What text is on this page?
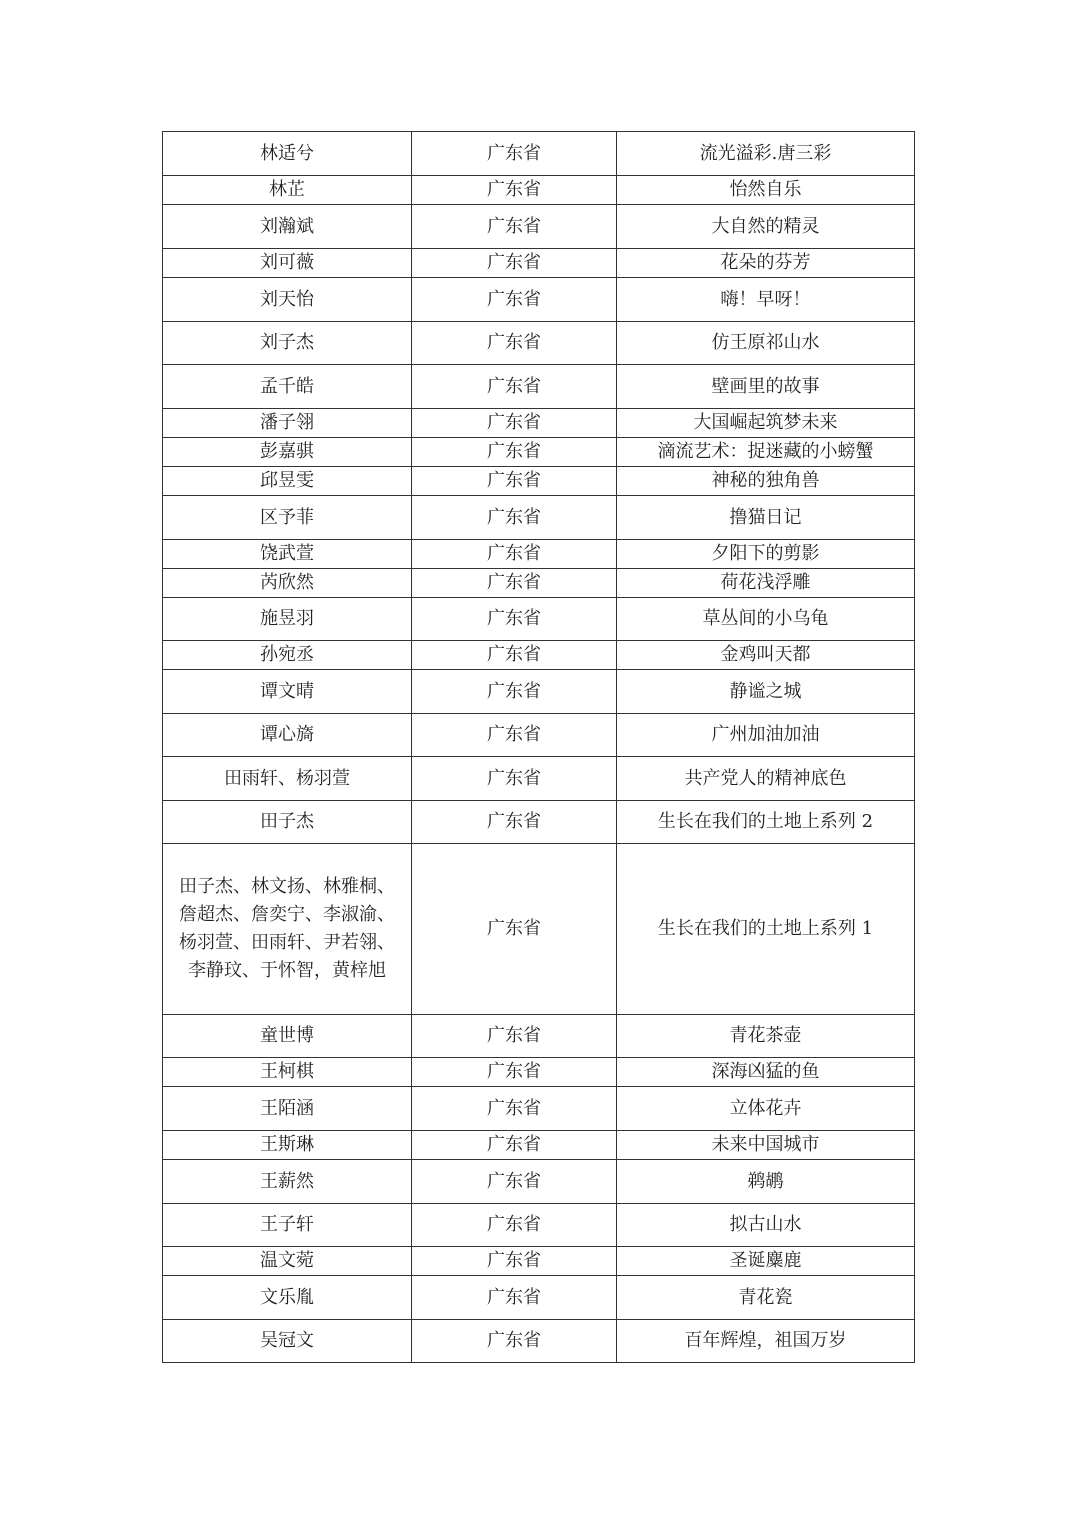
林适兮	广东省	流光溢彩.唐三彩
林芷	广东省	怡然自乐
刘瀚斌	广东省	大自然的精灵
刘可薇	广东省	花朵的芬芳
刘天怡	广东省	嗨！早呀！
刘子杰	广东省	仿王原祁山水
孟千皓	广东省	壁画里的故事
潘子翎	广东省	大国崛起筑梦未来
彭嘉骐	广东省	滴流艺术：捉迷藏的小螃蟹
邱昱雯	广东省	神秘的独角兽
区予菲	广东省	撸猫日记
饶武萱	广东省	夕阳下的剪影
芮欣然	广东省	荷花浅浮雕
施昱羽	广东省	草丛间的小乌龟
孙宛丞	广东省	金鸡叫天都
谭文晴	广东省	静谧之城
谭心旖	广东省	广州加油加油
田雨轩、杨羽萱	广东省	共产党人的精神底色
田子杰	广东省	生长在我们的土地上系列 2
田子杰、林文扬、林雅桐、詹超杰、詹奕宁、李淑渝、杨羽萱、田雨轩、尹若翎、李静玟、于怀智，黄梓旭	广东省	生长在我们的土地上系列 1
童世博	广东省	青花茶壶
王柯棋	广东省	深海凶猛的鱼
王陌涵	广东省	立体花卉
王斯琳	广东省	未来中国城市
王薪然	广东省	鹈鹕
王子轩	广东省	拟古山水
温文菀	广东省	圣诞麋鹿
文乐胤	广东省	青花瓷
吴冠文	广东省	百年辉煌，祖国万岁
